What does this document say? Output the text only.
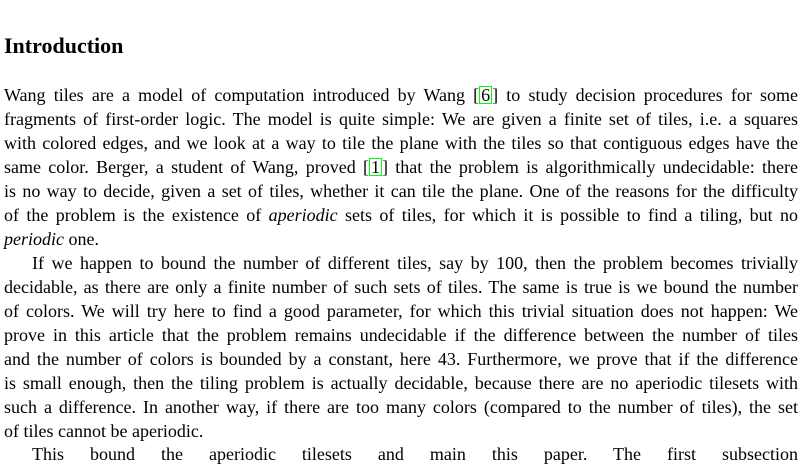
Introduction
Wang tiles are a model of computation introduced by Wang [ 6 ] to study decision procedures for some
fragments of first-order logic. The model is quite simple: We are given a finite set of tiles, i.e. a squares
with colored edges, and we look at a way to tile the plane with the tiles so that contiguous edges have the
same color. Berger, a student of Wang, proved [ 1 ] that the problem is algorithmically undecidable: there
is no way to decide, given a set of tiles, whether it can tile the plane. One of the reasons for the difficulty
of the problem is the existence of aperiodic sets of tiles, for which it is possible to find a tiling, but no
periodic one.
If we happen to bound the number of different tiles, say by 100, then the problem becomes trivially
decidable, as there are only a finite number of such sets of tiles. The same is true is we bound the number
of colors. We will try here to find a good parameter, for which this trivial situation does not happen: We
prove in this article that the problem remains undecidable if the difference between the number of tiles
and the number of colors is bounded by a constant, here 43. Furthermore, we prove that if the difference
is small enough, then the tiling problem is actually decidable, because there are no aperiodic tilesets with
such a difference. In another way, if there are too many colors (compared to the number of tiles), the set
of tiles cannot be aperiodic.
This bound the aperiodic tilesets and main this paper. The first subsection
